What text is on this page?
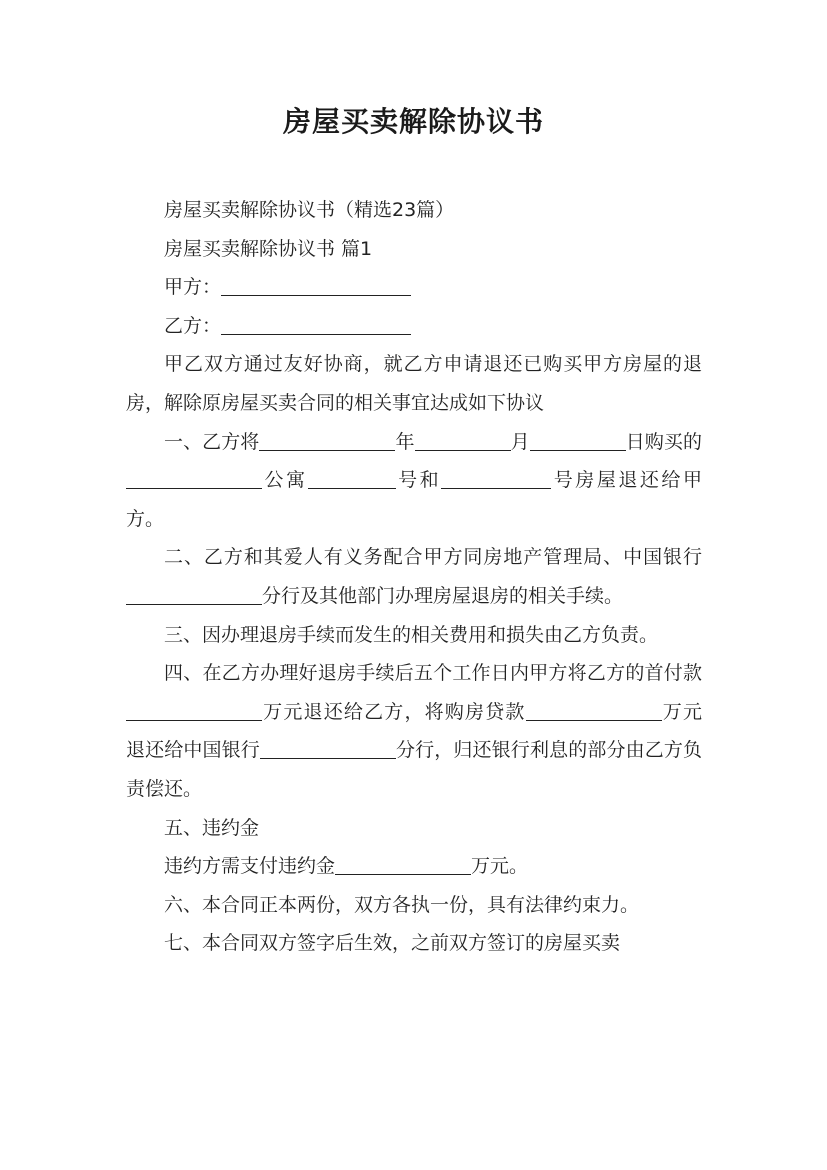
房屋买卖解除协议书

房屋买卖解除协议书（精选23篇）

房屋买卖解除协议书 篇1

甲方：

乙方：

甲乙双方通过友好协商，就乙方申请退还已购买甲方房屋的退房，解除原房屋买卖合同的相关事宜达成如下协议

一、乙方将	年	月	日购买的公寓	号和	号房屋退还给甲方。

二、乙方和其爱人有义务配合甲方同房地产管理局、中国银行分行及其他部门办理房屋退房的相关手续。

三、因办理退房手续而发生的相关费用和损失由乙方负责。

四、在乙方办理好退房手续后五个工作日内甲方将乙方的首付款万元退还给乙方，将购房贷款	万元退还给中国银行	分行，归还银行利息的部分由乙方负责偿还。

五、违约金

违约方需支付违约金	万元。

六、本合同正本两份，双方各执一份，具有法律约束力。

七、本合同双方签字后生效，之前双方签订的房屋买卖
